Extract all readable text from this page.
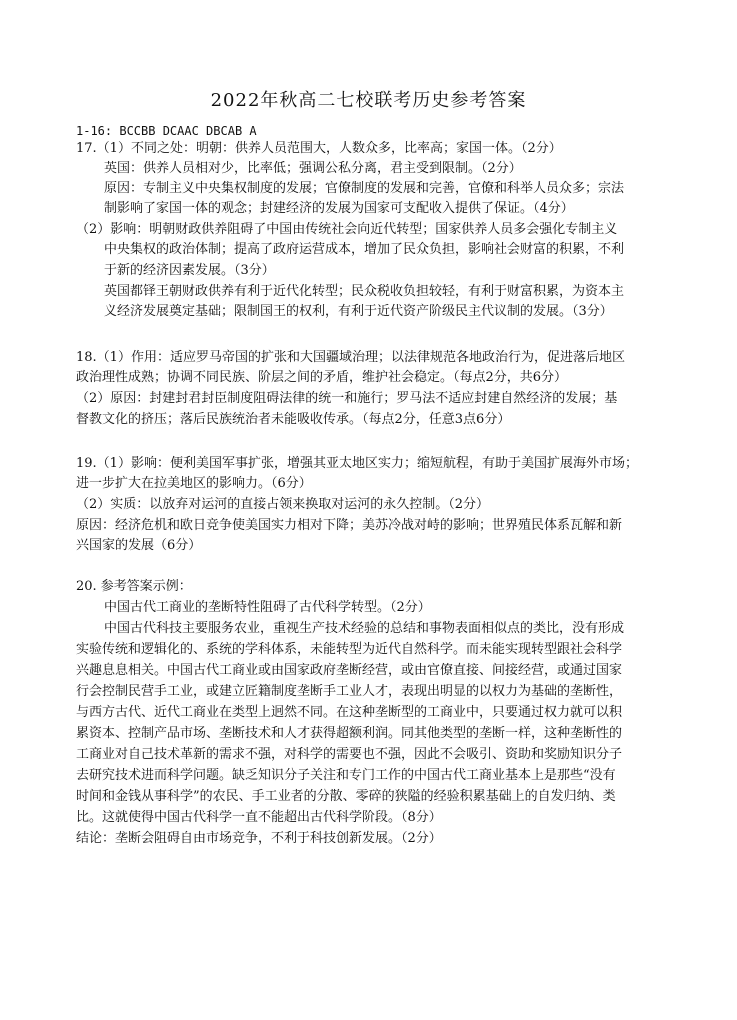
2022年秋高二七校联考历史参考答案
1-16: BCCBB DCAAC DBCAB A
17.（1）不同之处：明朝：供养人员范围大，人数众多，比率高；家国一体。（2分）
英国：供养人员相对少，比率低；强调公私分离，君主受到限制。（2分）
原因：专制主义中央集权制度的发展；官僚制度的发展和完善，官僚和科举人员众多；宗法
制影响了家国一体的观念；封建经济的发展为国家可支配收入提供了保证。（4分）
（2）影响：明朝财政供养阻碍了中国由传统社会向近代转型；国家供养人员多会强化专制主义
中央集权的政治体制；提高了政府运营成本，增加了民众负担，影响社会财富的积累，不利
于新的经济因素发展。（3分）
英国都铎王朝财政供养有利于近代化转型；民众税收负担较轻，有利于财富积累，为资本主
义经济发展奠定基础；限制国王的权利，有利于近代资产阶级民主代议制的发展。（3分）
18.（1）作用：适应罗马帝国的扩张和大国疆域治理；以法律规范各地政治行为，促进落后地区
政治理性成熟；协调不同民族、阶层之间的矛盾，维护社会稳定。（每点2分，共6分）
（2）原因：封建封君封臣制度阻碍法律的统一和施行；罗马法不适应封建自然经济的发展；基
督教文化的挤压；落后民族统治者未能吸收传承。（每点2分，任意3点6分）
19.（1）影响：便利美国军事扩张，增强其亚太地区实力；缩短航程，有助于美国扩展海外市场；
进一步扩大在拉美地区的影响力。（6分）
（2）实质：以放弃对运河的直接占领来换取对运河的永久控制。（2分）
原因：经济危机和欧日竞争使美国实力相对下降；美苏冷战对峙的影响；世界殖民体系瓦解和新
兴国家的发展（6分）
20. 参考答案示例：
中国古代工商业的垄断特性阻碍了古代科学转型。（2分）
中国古代科技主要服务农业，重视生产技术经验的总结和事物表面相似点的类比，没有形成
实验传统和逻辑化的、系统的学科体系，未能转型为近代自然科学。而未能实现转型跟社会科学
兴趣息息相关。中国古代工商业或由国家政府垄断经营，或由官僚直接、间接经营，或通过国家
行会控制民营手工业，或建立匠籍制度垄断手工业人才，表现出明显的以权力为基础的垄断性，
与西方古代、近代工商业在类型上迥然不同。在这种垄断型的工商业中，只要通过权力就可以积
累资本、控制产品市场、垄断技术和人才获得超额利润。同其他类型的垄断一样，这种垄断性的
工商业对自己技术革新的需求不强，对科学的需要也不强，因此不会吸引、资助和奖励知识分子
去研究技术进而科学问题。缺乏知识分子关注和专门工作的中国古代工商业基本上是那些“没有
时间和金钱从事科学”的农民、手工业者的分散、零碎的狭隘的经验积累基础上的自发归纳、类
比。这就使得中国古代科学一直不能超出古代科学阶段。（8分）
结论：垄断会阻碍自由市场竞争，不利于科技创新发展。（2分）
